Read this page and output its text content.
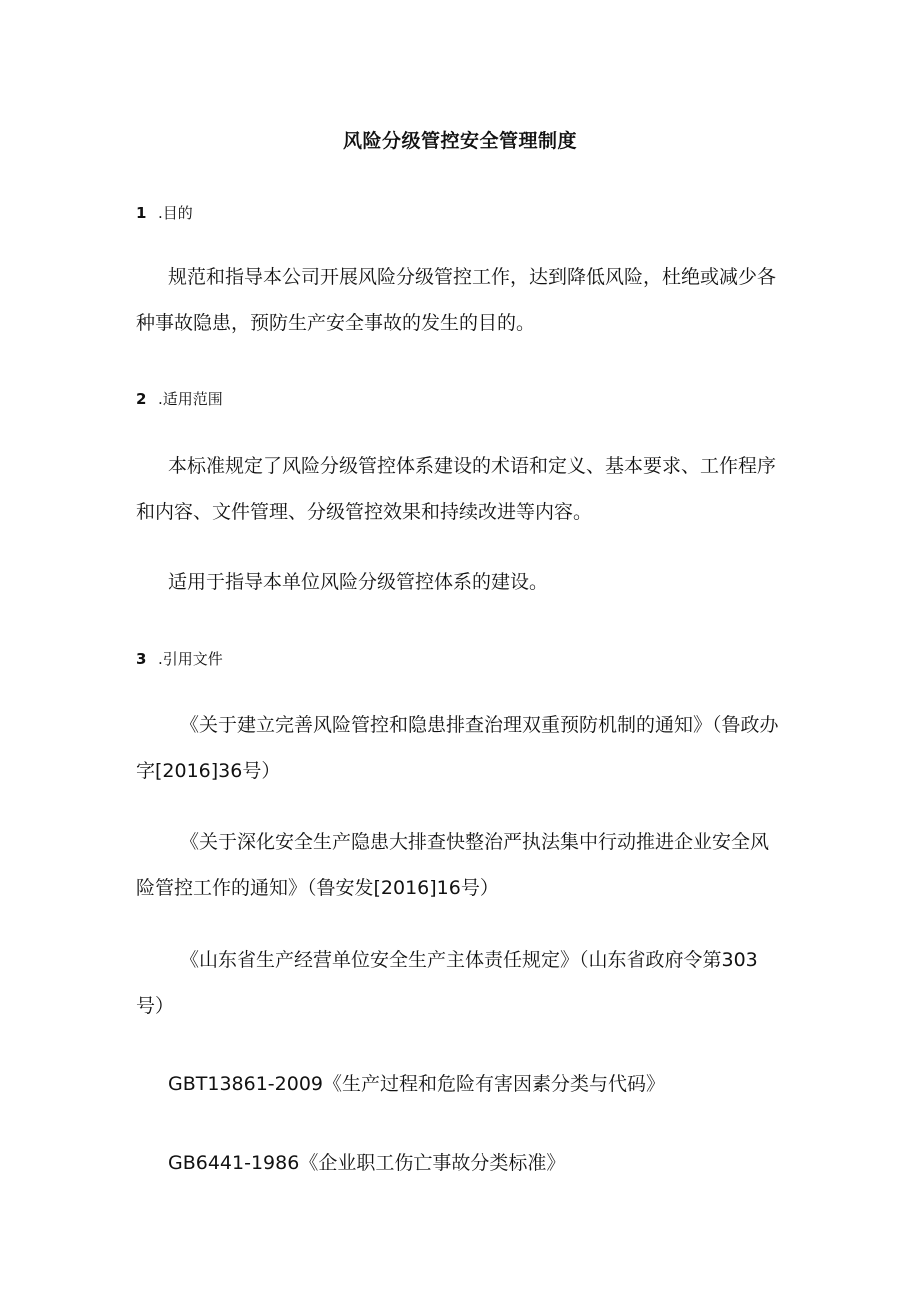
风险分级管控安全管理制度
1 .目的

规范和指导本公司开展风险分级管控工作，达到降低风险，杜绝或减少各种事故隐患，预防生产安全事故的发生的目的。

2 .适用范围

本标准规定了风险分级管控体系建设的术语和定义、基本要求、工作程序和内容、文件管理、分级管控效果和持续改进等内容。

适用于指导本单位风险分级管控体系的建设。
3 .引用文件

《关于建立完善风险管控和隐患排查治理双重预防机制的通知》（鲁政办字[2016]36号）

《关于深化安全生产隐患大排查快整治严执法集中行动推进企业安全风险管控工作的通知》（鲁安发[2016]16号）

《山东省生产经营单位安全生产主体责任规定》（山东省政府令第303号）

GBT13861-2009《生产过程和危险有害因素分类与代码》
GB6441-1986《企业职工伤亡事故分类标准》
